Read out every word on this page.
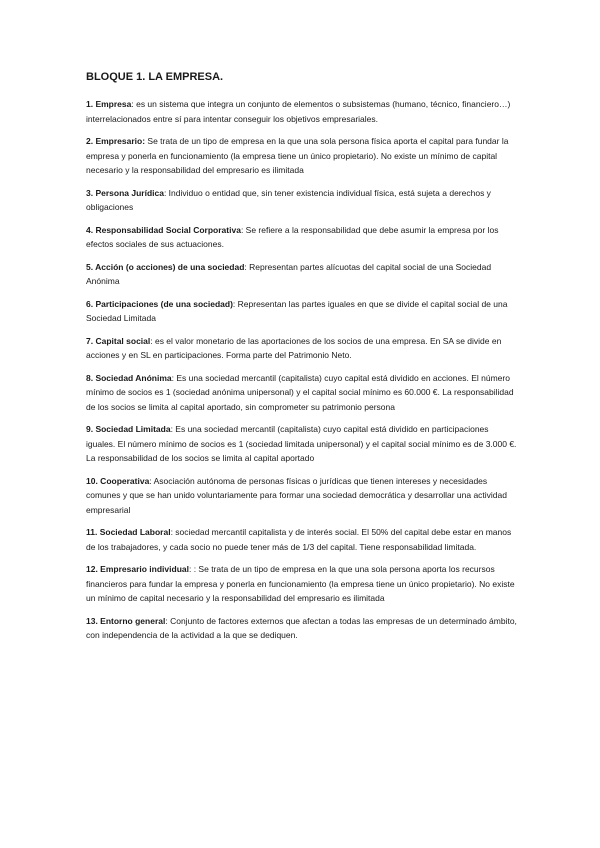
BLOQUE 1. LA EMPRESA.

1. Empresa: es un sistema que integra un conjunto de elementos o subsistemas (humano, técnico, financiero…) interrelacionados entre sí para intentar conseguir los objetivos empresariales.

2. Empresario: Se trata de un tipo de empresa en la que una sola persona física aporta el capital para fundar la empresa y ponerla en funcionamiento (la empresa tiene un único propietario). No existe un mínimo de capital necesario y la responsabilidad del empresario es ilimitada

3. Persona Jurídica: Individuo o entidad que, sin tener existencia individual física, está sujeta a derechos y obligaciones

4. Responsabilidad Social Corporativa: Se refiere a la responsabilidad que debe asumir la empresa por los efectos sociales de sus actuaciones.

5. Acción (o acciones) de una sociedad: Representan partes alícuotas del capital social de una Sociedad Anónima

6. Participaciones (de una sociedad): Representan las partes iguales en que se divide el capital social de una Sociedad Limitada

7. Capital social: es el valor monetario de las aportaciones de los socios de una empresa. En SA se divide en acciones y en SL en participaciones. Forma parte del Patrimonio Neto.

8. Sociedad Anónima: Es una sociedad mercantil (capitalista) cuyo capital está dividido en acciones. El número mínimo de socios es 1 (sociedad anónima unipersonal) y el capital social mínimo es 60.000 €. La responsabilidad de los socios se limita al capital aportado, sin comprometer su patrimonio persona

9. Sociedad Limitada: Es una sociedad mercantil (capitalista) cuyo capital está dividido en participaciones iguales. El número mínimo de socios es 1 (sociedad limitada unipersonal) y el capital social mínimo es de 3.000 €. La responsabilidad de los socios se limita al capital aportado

10. Cooperativa: Asociación autónoma de personas físicas o jurídicas que tienen intereses y necesidades comunes y que se han unido voluntariamente para formar una sociedad democrática y desarrollar una actividad empresarial

11. Sociedad Laboral: sociedad mercantil capitalista y de interés social. El 50% del capital debe estar en manos de los trabajadores, y cada socio no puede tener más de 1/3 del capital. Tiene responsabilidad limitada.

12. Empresario individual: : Se trata de un tipo de empresa en la que una sola persona aporta los recursos financieros para fundar la empresa y ponerla en funcionamiento (la empresa tiene un único propietario). No existe un mínimo de capital necesario y la responsabilidad del empresario es ilimitada

13. Entorno general: Conjunto de factores externos que afectan a todas las empresas de un determinado ámbito, con independencia de la actividad a la que se dediquen.
